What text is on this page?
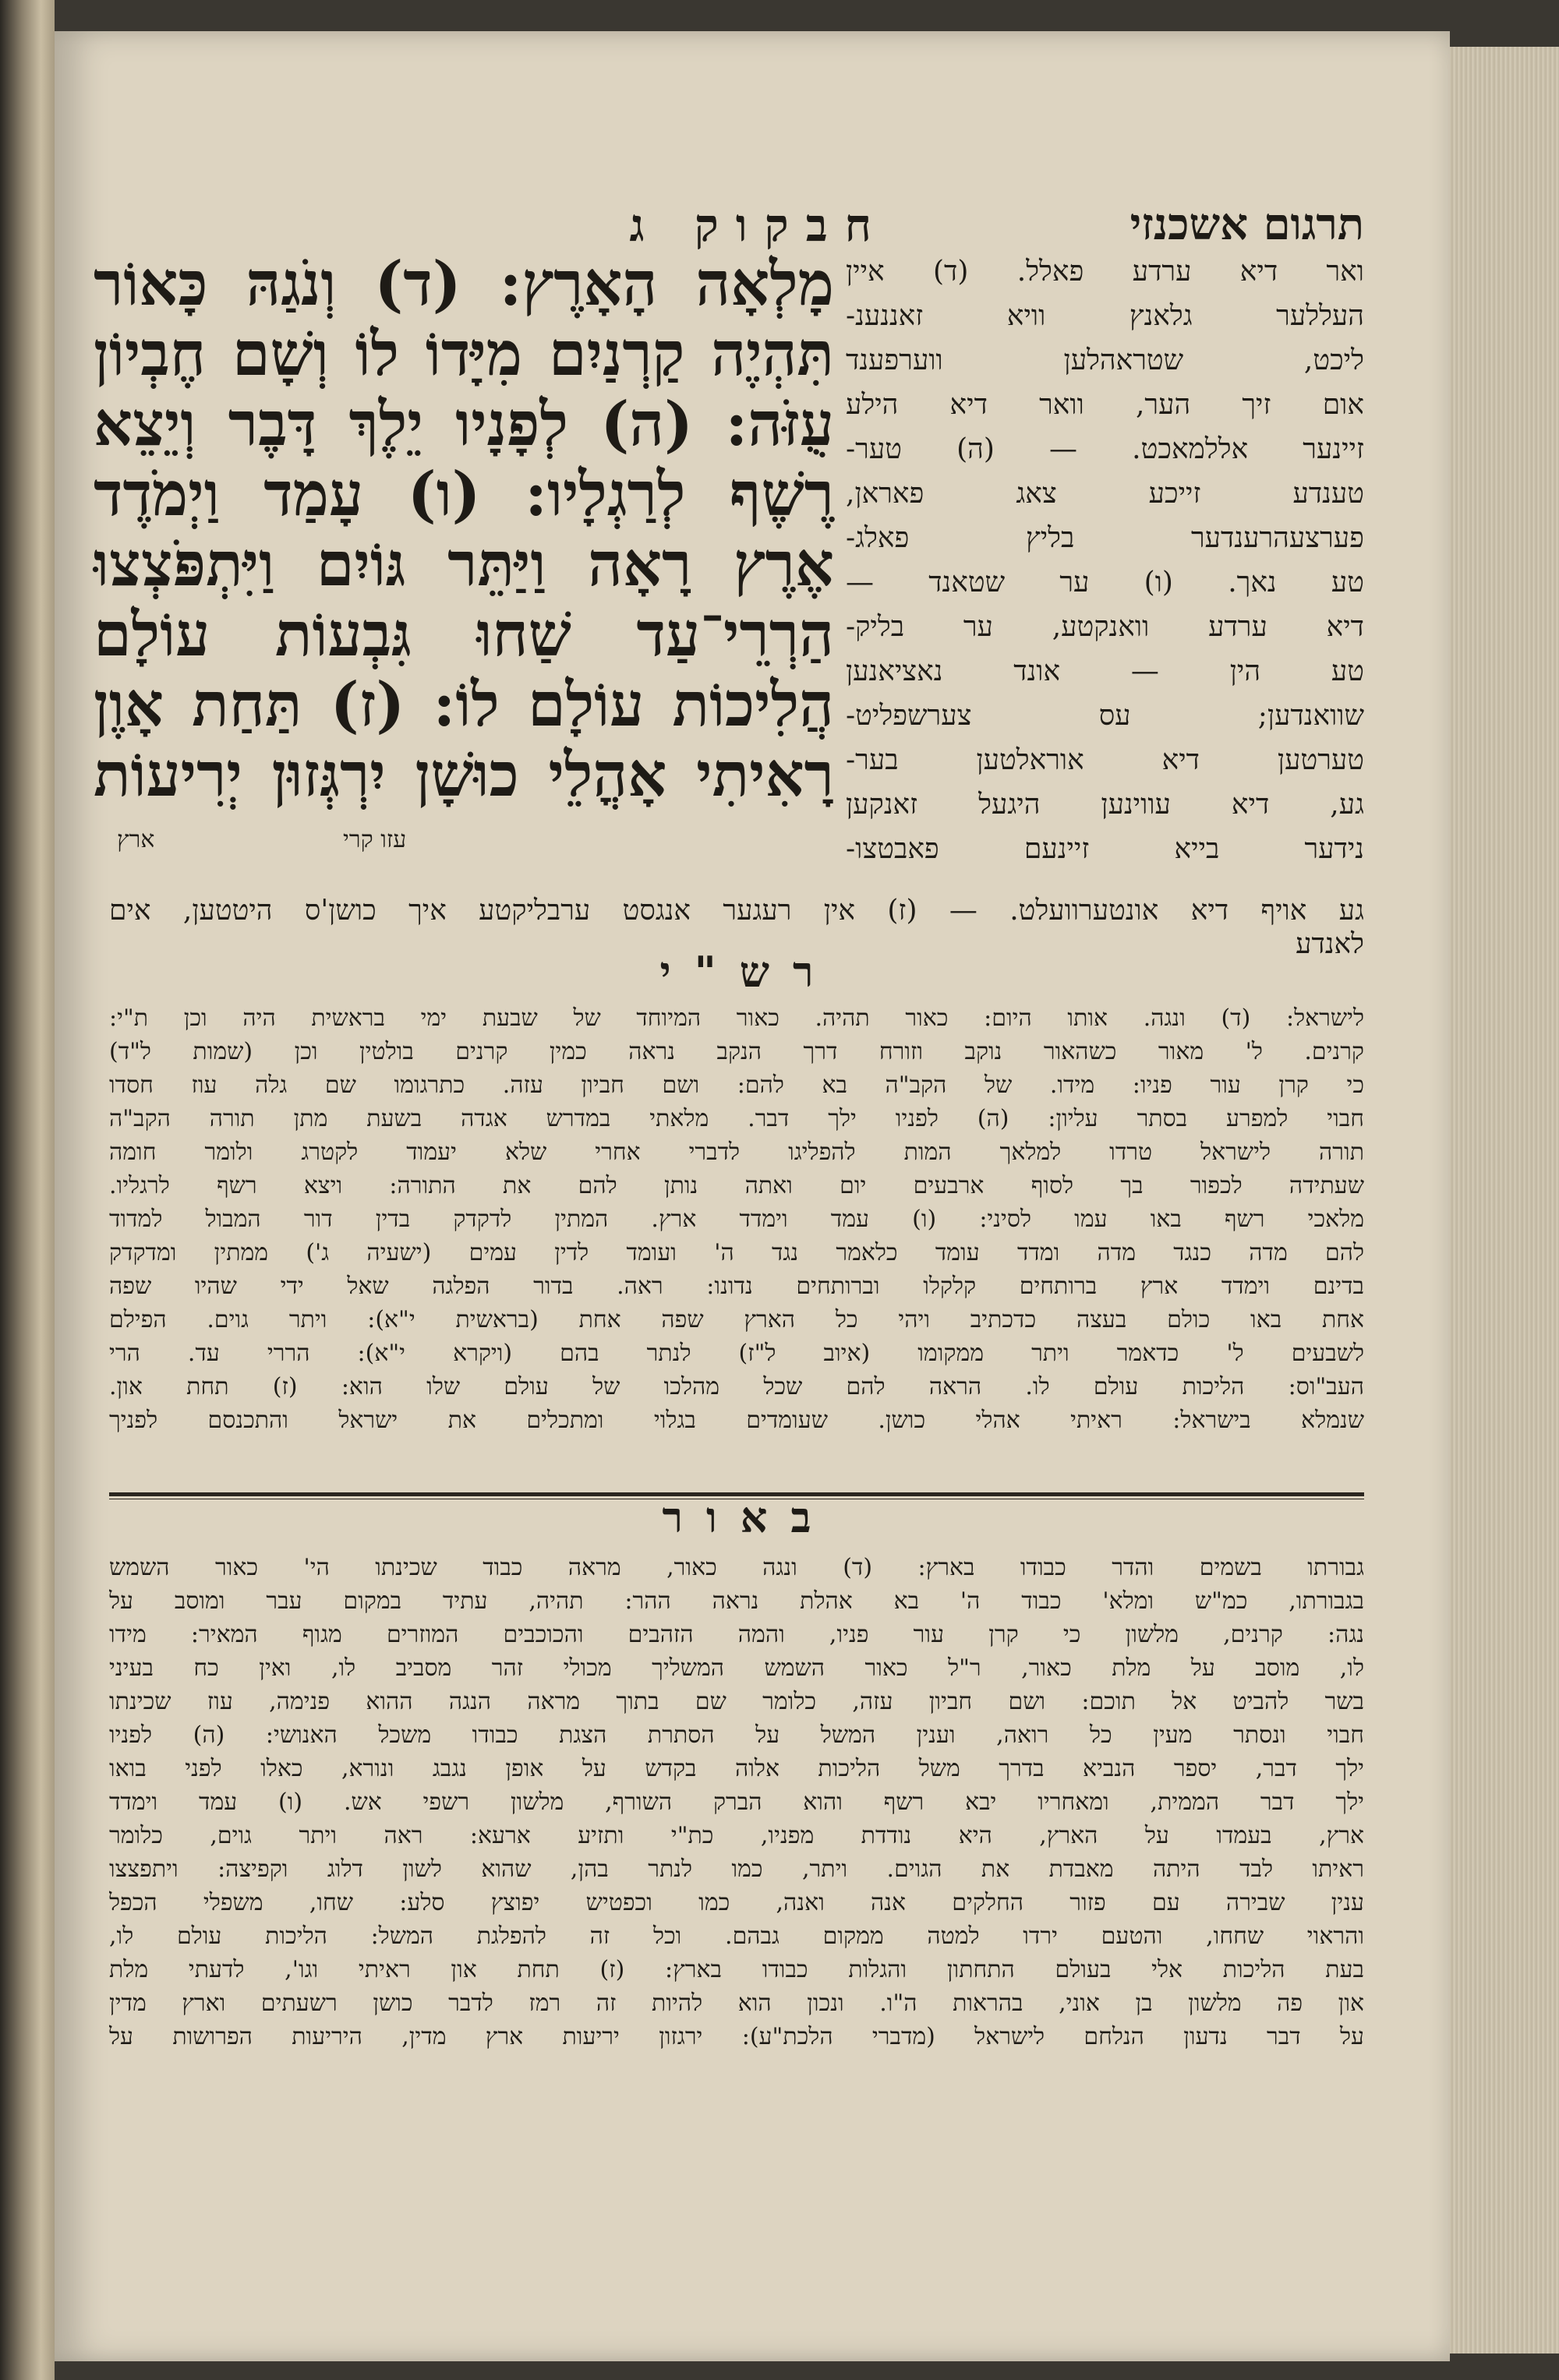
חבקוק ג	תרגום אשכנזי
מָלְאָה הָאָרֶץ: (ד) וְנֹגַהּ כָּאוֹר
תִּהְיֶה קַרְנַיִם מִיָּדוֹ לוֹ וְשָׁם חֶבְיוֹן
עֻזֹּה: (ה) לְפָנָיו יֵלֶךְ דָּבֶר וְיֵצֵא
רֶשֶׁף לְרַגְלָיו: (ו) עָמַד וַיְמֹדֶד
אֶרֶץ רָאָה וַיַּתֵּר גּוֹיִם וַיִּתְפֹּצְצוּ
הַרְרֵי־עַד שַׁחוּ גִּבְעוֹת עוֹלָם
הֲלִיכוֹת עוֹלָם לוֹ: (ז) תַּחַת אָוֶן
רָאִיתִי אָהֳלֵי כוּשָׁן יִרְגְּזוּן יְרִיעוֹת
עזו קרי
ארץ
ואר דיא ערדע פאלל. (ד) איין
העללער גלאנץ וויא זאננענ-
ליכט, שטראהלען ווערפענד
אום זיך הער, וואר דיא הילע
זיינער אללמאכט. — (ה) טער-
טענדע זייכע צאג פאראן,
פערצעהרענדער בליץ פאלג-
טע נאך. (ו) ער שטאנד —
דיא ערדע וואנקטע, ער בליק-
טע הין — אונד נאציאנען
שוואנדען; עס צערשפליט-
טערטען דיא אוראלטען בער-
גע, דיא עווינען היגעל זאנקען
נידער בייא זיינעם פאבטצו-
גע אויף דיא אונטערוועלט. — (ז) אין רעגער אנגסט ערבליקטע איך כושן'ס היטטען, אים
לאנדע
רש"י
לישראל: (ד) ונגה. אותו היום: כאור תהיה. כאור המיוחד של שבעת ימי בראשית היה וכן ת"י:
קרנים. ל' מאור כשהאור נוקב וזורח דרך הנקב נראה כמין קרנים בולטין וכן (שמות ל"ד)
כי קרן עור פניו: מידו. של הקב"ה בא להם: ושם חביון עזה. כתרגומו שם גלה עוז חסדו
חבוי למפרע בסתר עליון: (ה) לפניו ילך דבר. מלאתי במדרש אגדה בשעת מתן תורה הקב"ה
תורה לישראל טרדו למלאך המות להפליגו לדברי אחרי שלא יעמוד לקטרג ולומר חומה
שעתידה לכפור בך לסוף ארבעים יום ואתה נותן להם את התורה: ויצא רשף לרגליו.
מלאכי רשף באו עמו לסיני: (ו) עמד וימדד ארץ. המתין לדקדק בדין דור המבול למדוד
להם מדה כנגד מדה ומדד עומד כלאמר נגד ה' ועומד לדין עמים (ישעיה ג') ממתין ומדקדק
בדינם וימדד ארץ ברותחים קלקלו וברותחים נדונו: ראה. בדור הפלגה שאל ידי שהיו שפה
אחת באו כולם בעצה כדכתיב ויהי כל הארץ שפה אחת (בראשית י"א): ויתר גוים. הפילם
לשבעים ל' כדאמר ויתר ממקומו (איוב ל"ז) לנתר בהם (ויקרא י"א): הררי עד. הרי
העב"וס: הליכות עולם לו. הראה להם שכל מהלכו של עולם שלו הוא: (ז) תחת און.
שנמלא בישראל: ראיתי אהלי כושן. שעומדים בגלוי ומתכלים את ישראל והתכנסם לפניך
באור
גבורתו בשמים והדר כבודו בארץ: (ד) ונגה כאור, מראה כבוד שכינתו הי' כאור השמש
בגבורתו, כמ"ש ומלא' כבוד ה' בא אהלת נראה ההר: תהיה, עתיד במקום עבר ומוסב על
נגה: קרנים, מלשון כי קרן עור פניו, והמה הזהבים והכוכבים המוזרים מגוף המאיר: מידו
לו, מוסב על מלת כאור, ר"ל כאור השמש המשליך מכולי זהר מסביב לו, ואין כח בעיני
בשר להביט אל תוכם: ושם חביון עזה, כלומר שם בתוך מראה הנגה ההוא פנימה, עוז שכינתו
חבוי ונסתר מעין כל רואה, וענין המשל על הסתרת הצגת כבודו משכל האנושי: (ה) לפניו
ילך דבר, יספר הנביא בדרך משל הליכות אלוה בקדש על אופן נגבג ונורא, כאלו לפני בואו
ילך דבר הממית, ומאחריו יבא רשף והוא הברק השורף, מלשון רשפי אש. (ו) עמד וימדד
ארץ, בעמדו על הארץ, היא נודדת מפניו, כת"י ותזיע ארעא: ראה ויתר גוים, כלומר
ראיתו לבד היתה מאבדת את הגוים. ויתר, כמו לנתר בהן, שהוא לשון דלוג וקפיצה: ויתפצצו
ענין שבירה עם פזור החלקים אנה ואנה, כמו וכפטיש יפוצץ סלע: שחו, משפלי הכפל
והראוי שחחו, והטעם ירדו למטה ממקום גבהם. וכל זה להפלגת המשל: הליכות עולם לו,
בעת הליכות אלי בעולם התחתון והגלות כבודו בארץ: (ז) תחת און ראיתי וגו', לדעתי מלת
און פה מלשון בן אוני, בהראות ה"ו. ונכון הוא להיות זה רמז לדבר כושן רשעתים וארץ מדין
על דבר נדעון הנלחם לישראל (מדברי הלכת"ע): ירגזון יריעות ארץ מדין, היריעות הפרושות על
